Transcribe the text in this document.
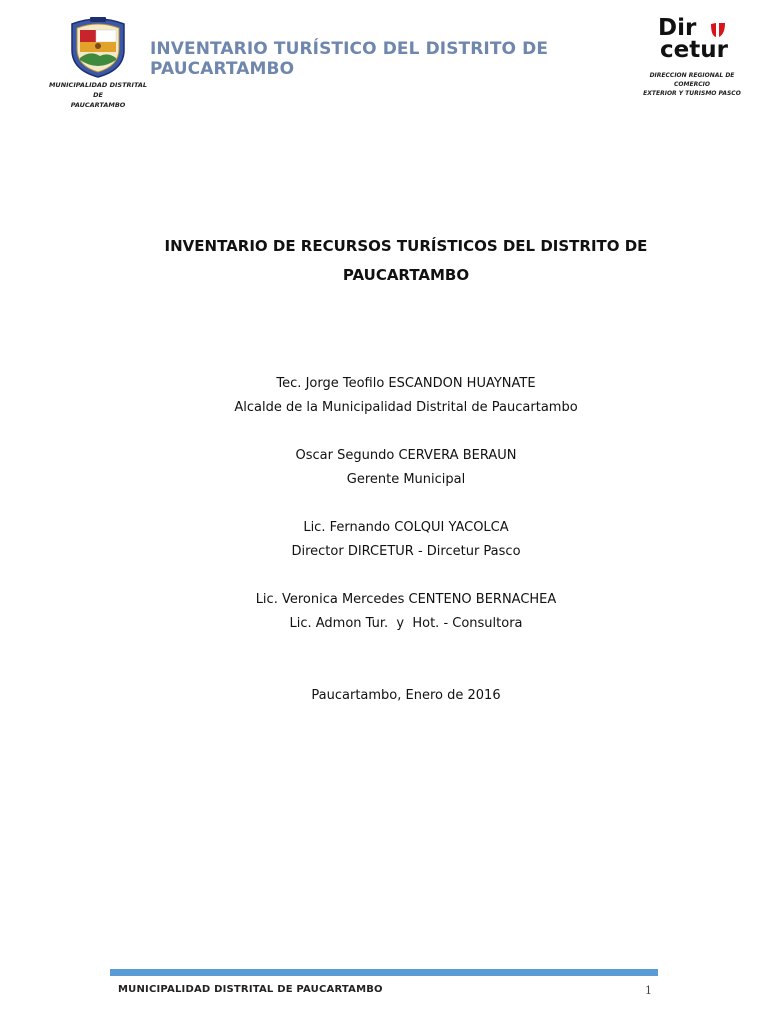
MUNICIPALIDAD DISTRITAL DE
PAUCARTAMBO
INVENTARIO TURÍSTICO DEL DISTRITO DE PAUCARTAMBO
Dir
cetur
DIRECCION REGIONAL DE COMERCIO
EXTERIOR Y TURISMO PASCO
INVENTARIO DE RECURSOS TURÍSTICOS DEL DISTRITO DE
PAUCARTAMBO
Tec. Jorge Teofilo ESCANDON HUAYNATE
Alcalde de la Municipalidad Distrital de Paucartambo
Oscar Segundo CERVERA BERAUN
Gerente Municipal
Lic. Fernando COLQUI YACOLCA
Director DIRCETUR - Dircetur Pasco
Lic. Veronica Mercedes CENTENO BERNACHEA
Lic. Admon Tur.  y  Hot. - Consultora
Paucartambo, Enero de 2016
MUNICIPALIDAD DISTRITAL DE PAUCARTAMBO	1
